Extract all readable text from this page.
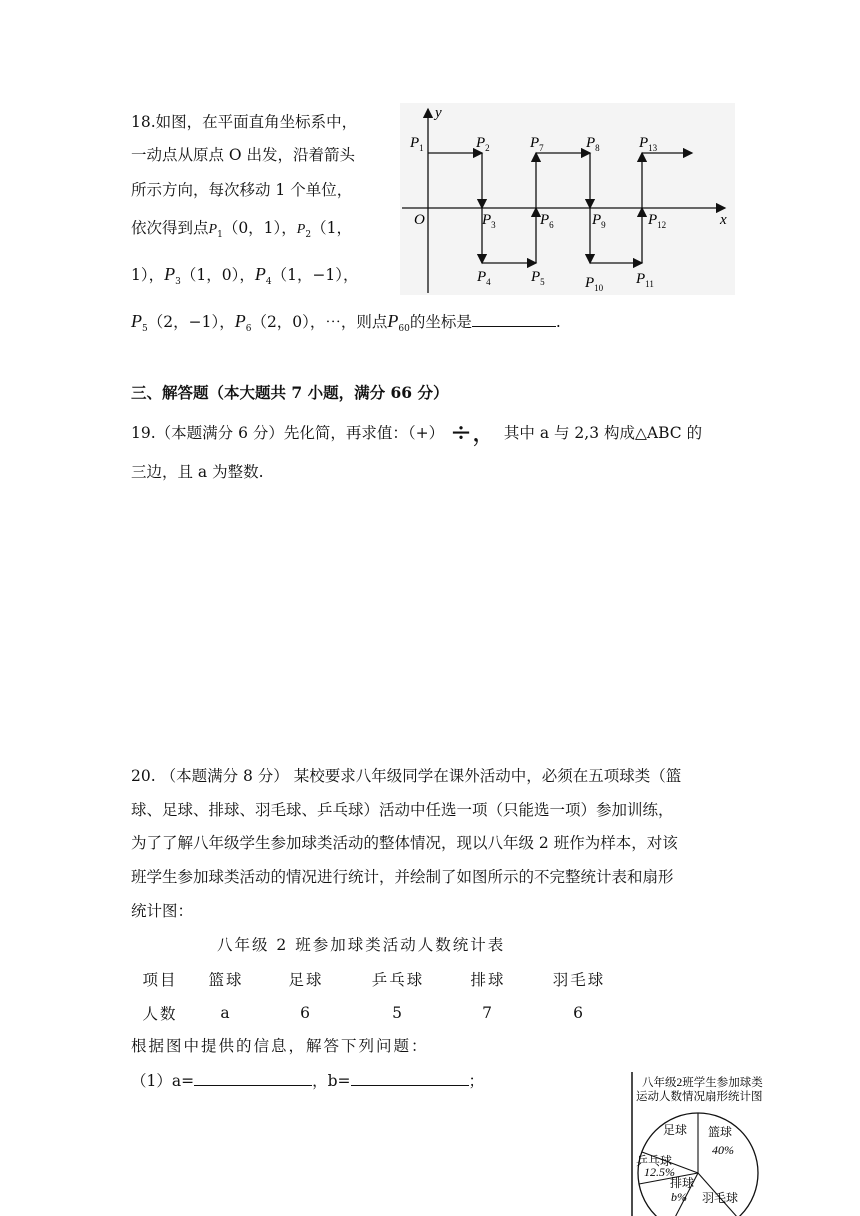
18.如图，在平面直角坐标系中，
一动点从原点 O 出发，沿着箭头
所示方向，每次移动 1 个单位，
依次得到点$P_1(0$，1），$P_2(1$，
1），$P_3(1$，0），$P_4(1$，−1），
$P_5(2$，−1），$P_6(2$，0），⋯，则点$P_{60}$的坐标是	.
x
y
O
$P_1$	$P_2$
$P_3$
$P_4$	$P_5$
$P_6$
$P_7$	$P_8$
$P_9$
$P_{10}$
$P_{11}$
$P_{12}$
$P_{13}$
三、解答题（本大题共 7 小题，满分 66 分）
19.（本题满分 6 分）先化简，再求值：（+） ÷， 其中 a 与 2,3 构成△ABC 的
三边，且 a 为整数.
20. （本题满分 8 分） 某校要求八年级同学在课外活动中，必须在五项球类（篮
球、足球、排球、羽毛球、乒乓球）活动中任选一项（只能选一项）参加训练，
为了了解八年级学生参加球类活动的整体情况，现以八年级 2 班作为样本，对该
班学生参加球类活动的情况进行统计，并绘制了如图所示的不完整统计表和扇形
统计图：
八年级 2 班参加球类活动人数统计表
项目	篮球	足球	乒乓球	排球	羽毛球
人数	a	6	5	7	6
根据图中提供的信息，解答下列问题：
（1）a=	，b=	；	八年级2班学生参加球类
运动人数情况扇形统计图
篮球
40%
足球
乒乓球
12.5%
排球
b% 羽毛球
